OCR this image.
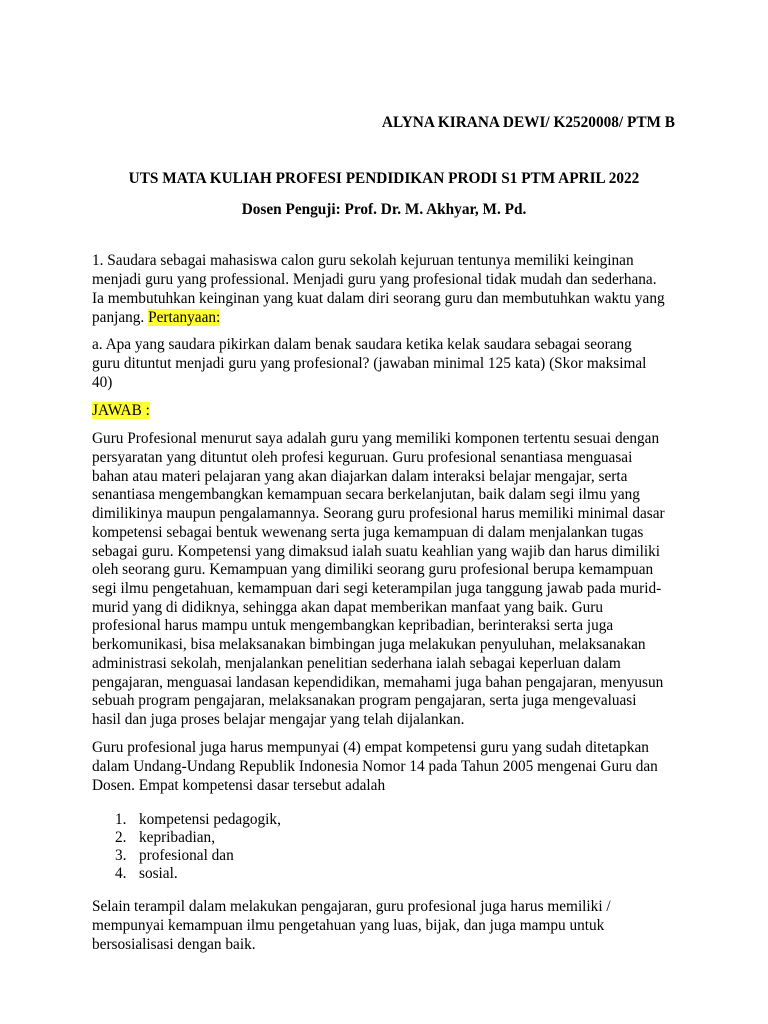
ALYNA KIRANA DEWI/ K2520008/ PTM B
UTS MATA KULIAH PROFESI PENDIDIKAN PRODI S1 PTM APRIL 2022
Dosen Penguji: Prof. Dr. M. Akhyar, M. Pd.
1. Saudara sebagai mahasiswa calon guru sekolah kejuruan tentunya memiliki keinginan
menjadi guru yang professional. Menjadi guru yang profesional tidak mudah dan sederhana.
Ia membutuhkan keinginan yang kuat dalam diri seorang guru dan membutuhkan waktu yang
panjang. Pertanyaan:
a. Apa yang saudara pikirkan dalam benak saudara ketika kelak saudara sebagai seorang
guru dituntut menjadi guru yang profesional? (jawaban minimal 125 kata) (Skor maksimal
40)
JAWAB :
Guru Profesional menurut saya adalah guru yang memiliki komponen tertentu sesuai dengan
persyaratan yang dituntut oleh profesi keguruan. Guru profesional senantiasa menguasai
bahan atau materi pelajaran yang akan diajarkan dalam interaksi belajar mengajar, serta
senantiasa mengembangkan kemampuan secara berkelanjutan, baik dalam segi ilmu yang
dimilikinya maupun pengalamannya. Seorang guru profesional harus memiliki minimal dasar
kompetensi sebagai bentuk wewenang serta juga kemampuan di dalam menjalankan tugas
sebagai guru. Kompetensi yang dimaksud ialah suatu keahlian yang wajib dan harus dimiliki
oleh seorang guru. Kemampuan yang dimiliki seorang guru profesional berupa kemampuan
segi ilmu pengetahuan, kemampuan dari segi keterampilan juga tanggung jawab pada murid-
murid yang di didiknya, sehingga akan dapat memberikan manfaat yang baik. Guru
profesional harus mampu untuk mengembangkan kepribadian, berinteraksi serta juga
berkomunikasi, bisa melaksanakan bimbingan juga melakukan penyuluhan, melaksanakan
administrasi sekolah, menjalankan penelitian sederhana ialah sebagai keperluan dalam
pengajaran, menguasai landasan kependidikan, memahami juga bahan pengajaran, menyusun
sebuah program pengajaran, melaksanakan program pengajaran, serta juga mengevaluasi
hasil dan juga proses belajar mengajar yang telah dijalankan.
Guru profesional juga harus mempunyai (4) empat kompetensi guru yang sudah ditetapkan
dalam Undang-Undang Republik Indonesia Nomor 14 pada Tahun 2005 mengenai Guru dan
Dosen. Empat kompetensi dasar tersebut adalah
1. kompetensi pedagogik,
2. kepribadian,
3. profesional dan
4. sosial.
Selain terampil dalam melakukan pengajaran, guru profesional juga harus memiliki /
mempunyai kemampuan ilmu pengetahuan yang luas, bijak, dan juga mampu untuk
bersosialisasi dengan baik.
